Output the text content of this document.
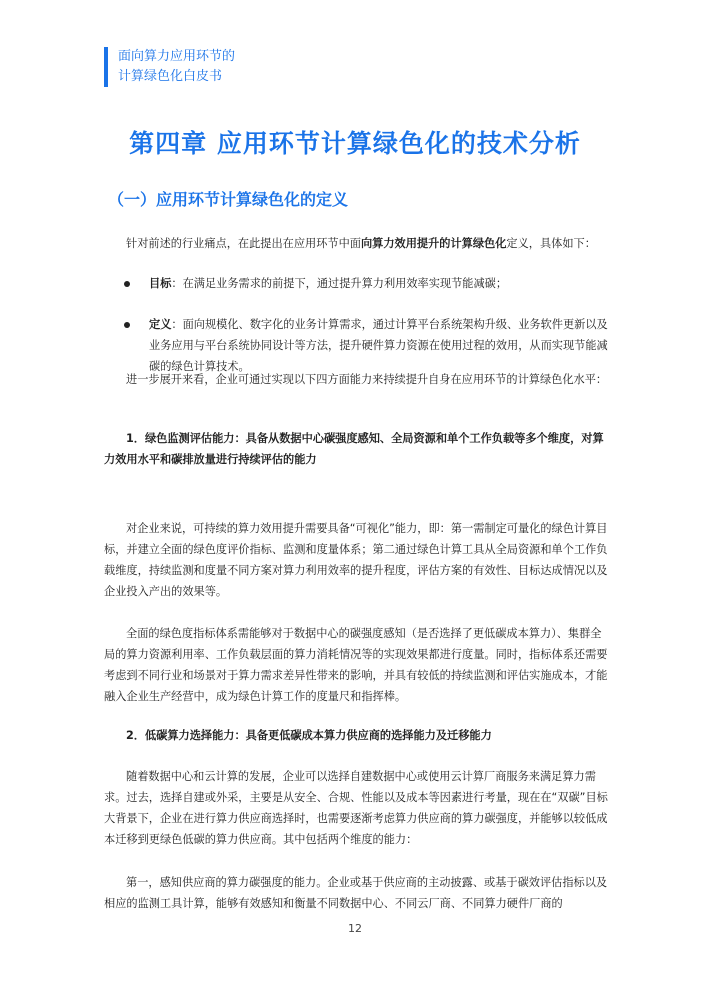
面向算力应用环节的
计算绿色化白皮书
第四章 应用环节计算绿色化的技术分析
（一）应用环节计算绿色化的定义

针对前述的行业痛点，在此提出在应用环节中面向算力效用提升的计算绿色化定义，具体如下：

目标：在满足业务需求的前提下，通过提升算力利用效率实现节能减碳；
定义：面向规模化、数字化的业务计算需求，通过计算平台系统架构升级、业务软件更新以及业务应用与平台系统协同设计等方法，提升硬件算力资源在使用过程的效用，从而实现节能减碳的绿色计算技术。

进一步展开来看，企业可通过实现以下四方面能力来持续提升自身在应用环节的计算绿色化水平：

1．绿色监测评估能力：具备从数据中心碳强度感知、全局资源和单个工作负载等多个维度，对算力效用水平和碳排放量进行持续评估的能力

对企业来说，可持续的算力效用提升需要具备“可视化”能力，即：第一需制定可量化的绿色计算目标，并建立全面的绿色度评价指标、监测和度量体系；第二通过绿色计算工具从全局资源和单个工作负载维度，持续监测和度量不同方案对算力利用效率的提升程度，评估方案的有效性、目标达成情况以及企业投入产出的效果等。

全面的绿色度指标体系需能够对于数据中心的碳强度感知（是否选择了更低碳成本算力）、集群全局的算力资源利用率、工作负载层面的算力消耗情况等的实现效果都进行度量。同时，指标体系还需要考虑到不同行业和场景对于算力需求差异性带来的影响，并具有较低的持续监测和评估实施成本，才能融入企业生产经营中，成为绿色计算工作的度量尺和指挥棒。

2．低碳算力选择能力：具备更低碳成本算力供应商的选择能力及迁移能力

随着数据中心和云计算的发展，企业可以选择自建数据中心或使用云计算厂商服务来满足算力需求。过去，选择自建或外采，主要是从安全、合规、性能以及成本等因素进行考量，现在在“双碳”目标大背景下，企业在进行算力供应商选择时，也需要逐渐考虑算力供应商的算力碳强度，并能够以较低成本迁移到更绿色低碳的算力供应商。其中包括两个维度的能力：

第一，感知供应商的算力碳强度的能力。企业或基于供应商的主动披露、或基于碳效评估指标以及相应的监测工具计算，能够有效感知和衡量不同数据中心、不同云厂商、不同算力硬件厂商的

12
